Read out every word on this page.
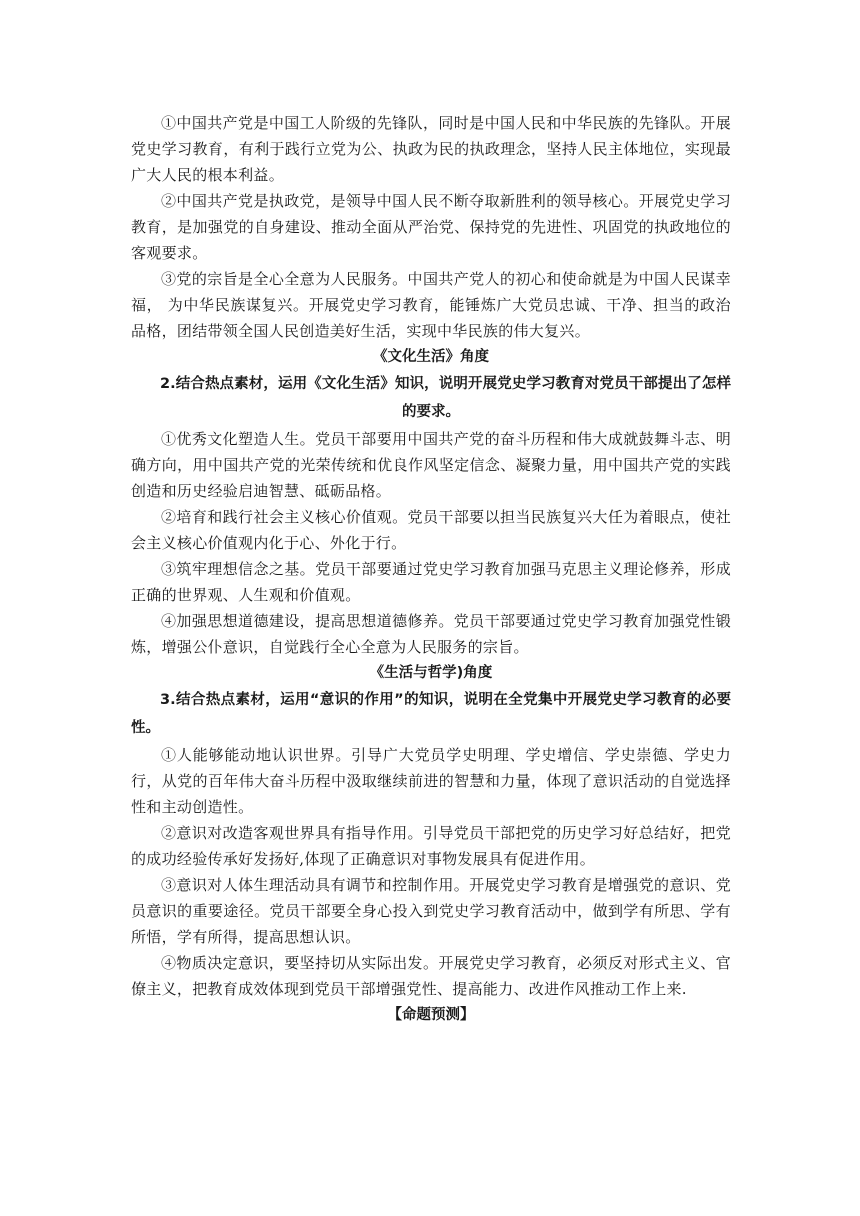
①中国共产党是中国工人阶级的先锋队，同时是中国人民和中华民族的先锋队。开展党史学习教育，有利于践行立党为公、执政为民的执政理念，坚持人民主体地位，实现最广大人民的根本利益。

②中国共产党是执政党，是领导中国人民不断夺取新胜利的领导核心。开展党史学习教育，是加强党的自身建设、推动全面从严治党、保持党的先进性、巩固党的执政地位的客观要求。

③党的宗旨是全心全意为人民服务。中国共产党人的初心和使命就是为中国人民谋幸福， 为中华民族谋复兴。开展党史学习教育，能锤炼广大党员忠诚、干净、担当的政治品格，团结带领全国人民创造美好生活，实现中华民族的伟大复兴。

《文化生活》角度

2.结合热点素材，运用《文化生活》知识，说明开展党史学习教育对党员干部提出了怎样的要求。

①优秀文化塑造人生。党员干部要用中国共产党的奋斗历程和伟大成就鼓舞斗志、明确方向，用中国共产党的光荣传统和优良作风坚定信念、凝聚力量，用中国共产党的实践创造和历史经验启迪智慧、砥砺品格。

②培育和践行社会主义核心价值观。党员干部要以担当民族复兴大任为着眼点，使社会主义核心价值观内化于心、外化于行。

③筑牢理想信念之基。党员干部要通过党史学习教育加强马克思主义理论修养，形成正确的世界观、人生观和价值观。

④加强思想道德建设，提高思想道德修养。党员干部要通过党史学习教育加强党性锻炼，增强公仆意识，自觉践行全心全意为人民服务的宗旨。

《生活与哲学)角度

3.结合热点素材，运用“意识的作用”的知识，说明在全党集中开展党史学习教育的必要性。

①人能够能动地认识世界。引导广大党员学史明理、学史增信、学史崇德、学史力行，从党的百年伟大奋斗历程中汲取继续前进的智慧和力量，体现了意识活动的自觉选择性和主动创造性。

②意识对改造客观世界具有指导作用。引导党员干部把党的历史学习好总结好，把党的成功经验传承好发扬好,体现了正确意识对事物发展具有促进作用。

③意识对人体生理活动具有调节和控制作用。开展党史学习教育是增强党的意识、党员意识的重要途径。党员干部要全身心投入到党史学习教育活动中，做到学有所思、学有所悟，学有所得，提高思想认识。

④物质决定意识，要坚持切从实际出发。开展党史学习教育，必须反对形式主义、官僚主义，把教育成效体现到党员干部增强党性、提高能力、改进作风推动工作上来.

【命题预测】
